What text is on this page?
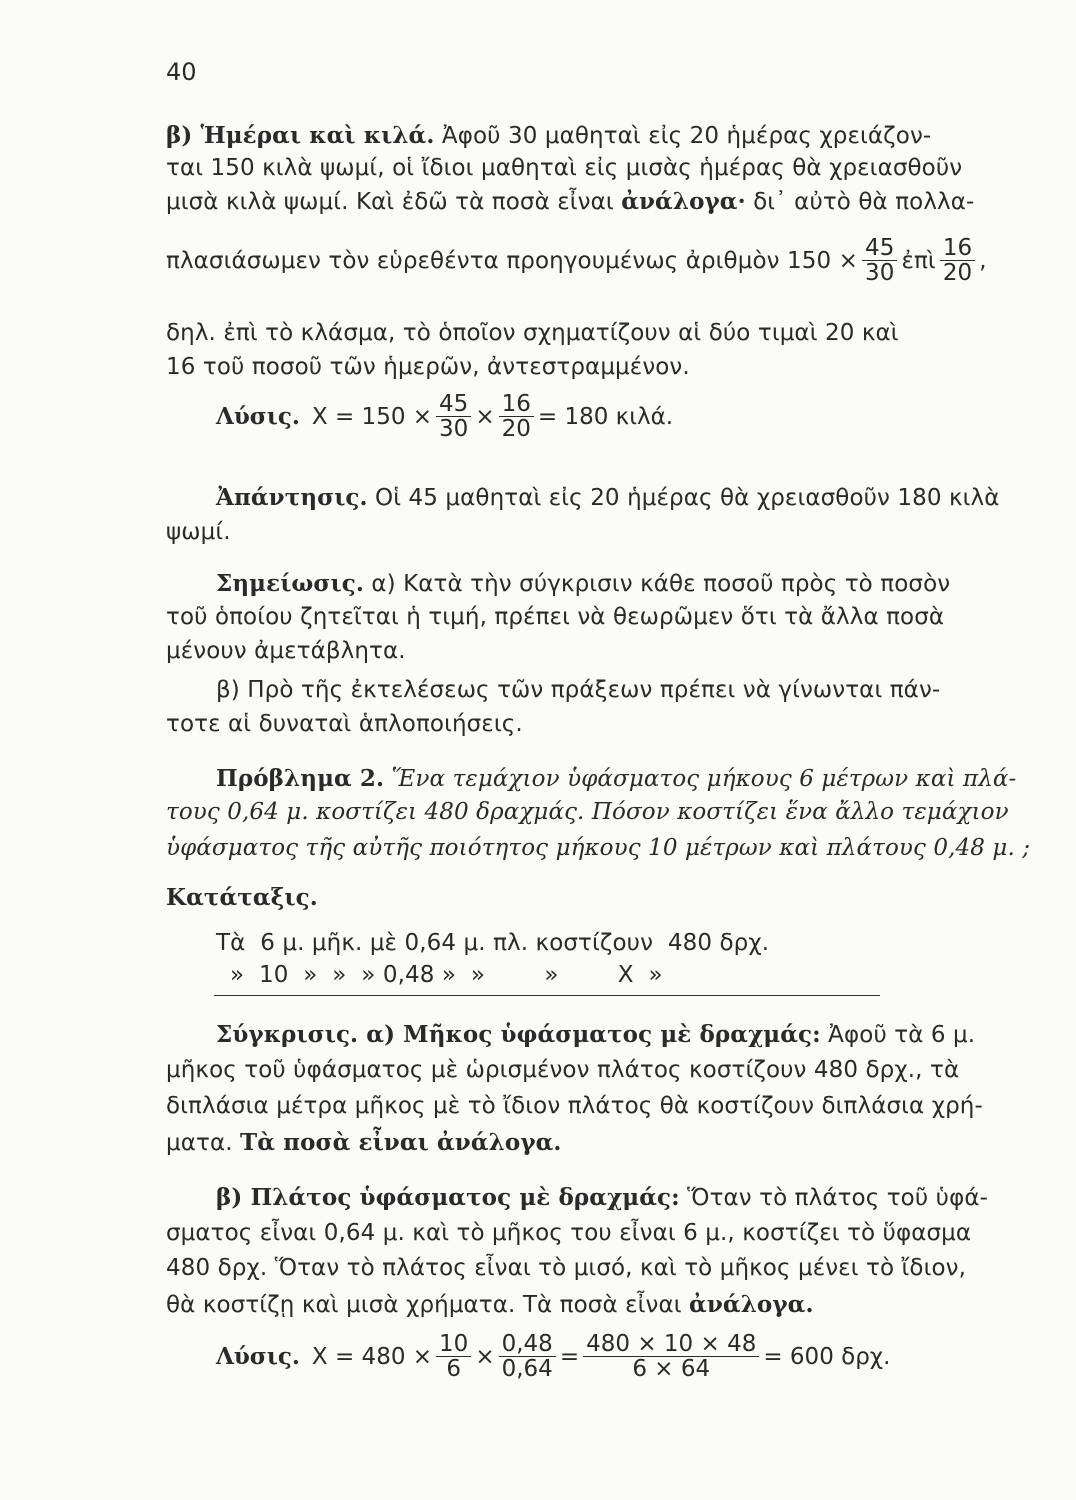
40
β) Ἡμέραι καὶ κιλά. Ἀφοῦ 30 μαθηταὶ εἰς 20 ἡμέρας χρειάζον-
ται 150 κιλὰ ψωμί, οἱ ἴδιοι μαθηταὶ εἰς μισὰς ἡμέρας θὰ χρειασθοῦν
μισὰ κιλὰ ψωμί. Καὶ ἐδῶ τὰ ποσὰ εἶναι ἀνάλογα· δι᾿ αὐτὸ θὰ πολλα-
πλασιάσωμεν τὸν εὑρεθέντα προηγουμένως ἀριθμὸν $150 \times \frac{45}{30}$ ἐπὶ $\frac{16}{20}$ ,
δηλ. ἐπὶ τὸ κλάσμα, τὸ ὁποῖον σχηματίζουν αἱ δύο τιμαὶ 20 καὶ
16 τοῦ ποσοῦ τῶν ἡμερῶν, ἀντεστραμμένον.
Λύσις. $X = 150 \times \frac{45}{30} \times \frac{16}{20} = 180$ κιλά.
Ἀπάντησις. Οἱ 45 μαθηταὶ εἰς 20 ἡμέρας θὰ χρειασθοῦν 180 κιλὰ
ψωμί.
Σημείωσις. α) Κατὰ τὴν σύγκρισιν κάθε ποσοῦ πρὸς τὸ ποσὸν
τοῦ ὁποίου ζητεῖται ἡ τιμή, πρέπει νὰ θεωρῶμεν ὅτι τὰ ἄλλα ποσὰ
μένουν ἀμετάβλητα.
β) Πρὸ τῆς ἐκτελέσεως τῶν πράξεων πρέπει νὰ γίνωνται πάν-
τοτε αἱ δυναταὶ ἁπλοποιήσεις.
Πρόβλημα 2. Ἕνα τεμάχιον ὑφάσματος μήκους 6 μέτρων καὶ πλά-
τους 0,64 μ. κοστίζει 480 δραχμάς. Πόσον κοστίζει ἕνα ἄλλο τεμάχιον
ὑφάσματος τῆς αὐτῆς ποιότητος μήκους 10 μέτρων καὶ πλάτους 0,48 μ. ;
Κατάταξις.
Τὰ  6 μ. μῆκ. μὲ 0,64 μ. πλ. κοστίζουν  480 δρχ.
»  10  »  »  » 0,48 »  »        »        X  »
Σύγκρισις. α) Μῆκος ὑφάσματος μὲ δραχμάς: Ἀφοῦ τὰ 6 μ.
μῆκος τοῦ ὑφάσματος μὲ ὡρισμένον πλάτος κοστίζουν 480 δρχ., τὰ
διπλάσια μέτρα μῆκος μὲ τὸ ἴδιον πλάτος θὰ κοστίζουν διπλάσια χρή-
ματα. Τὰ ποσὰ εἶναι ἀνάλογα.
β) Πλάτος ὑφάσματος μὲ δραχμάς: Ὅταν τὸ πλάτος τοῦ ὑφά-
σματος εἶναι 0,64 μ. καὶ τὸ μῆκος του εἶναι 6 μ., κοστίζει τὸ ὕφασμα
480 δρχ. Ὅταν τὸ πλάτος εἶναι τὸ μισό, καὶ τὸ μῆκος μένει τὸ ἴδιον,
θὰ κοστίζῃ καὶ μισὰ χρήματα. Τὰ ποσὰ εἶναι ἀνάλογα.
Λύσις. $X = 480 \times \frac{10}{6} \times \frac{0,48}{0,64} = \frac{480 \times 10 \times 48}{6 \times 64} = 600$ δρχ.
